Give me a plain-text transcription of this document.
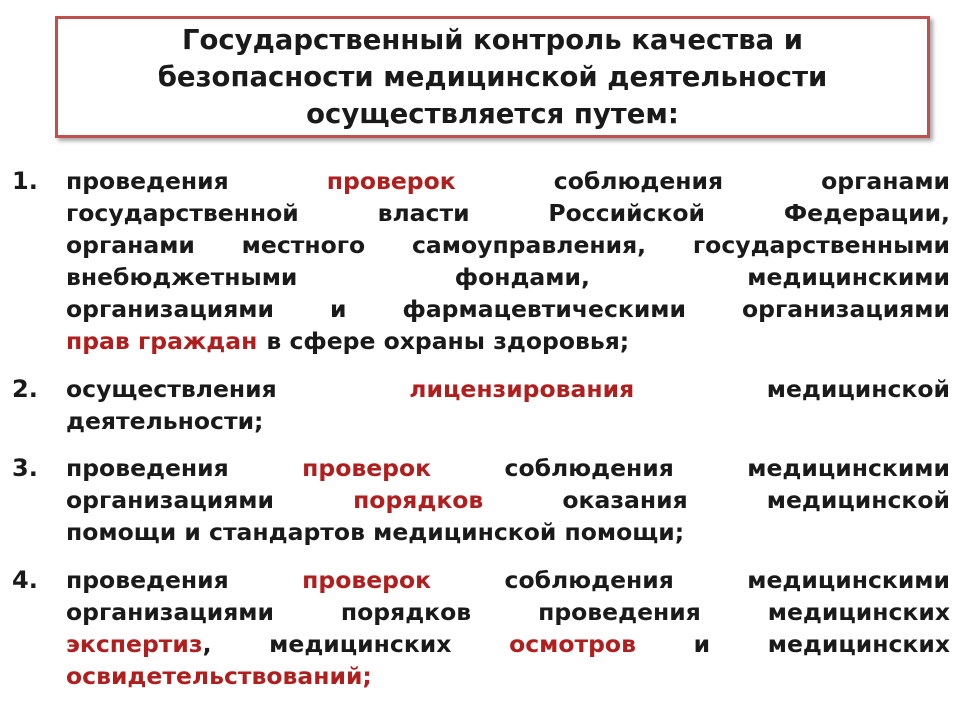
Государственный контроль качества и
безопасности медицинской деятельности
осуществляется путем:
1. проведения	проверок	соблюдения	органами
государственной	власти	Российской	Федерации,
органами местного самоуправления, государственными
внебюджетными	фондами,	медицинскими
организациями и фармацевтическими организациями
прав граждан в сфере охраны здоровья;
2. осуществления	лицензирования	медицинской
деятельности;
3. проведения	проверок	соблюдения	медицинскими
организациями	порядков	оказания	медицинской
помощи и стандартов медицинской помощи;
4. проведения	проверок	соблюдения	медицинскими
организациями	порядков	проведения	медицинских
экспертиз, медицинских осмотров и медицинских
освидетельствований;
